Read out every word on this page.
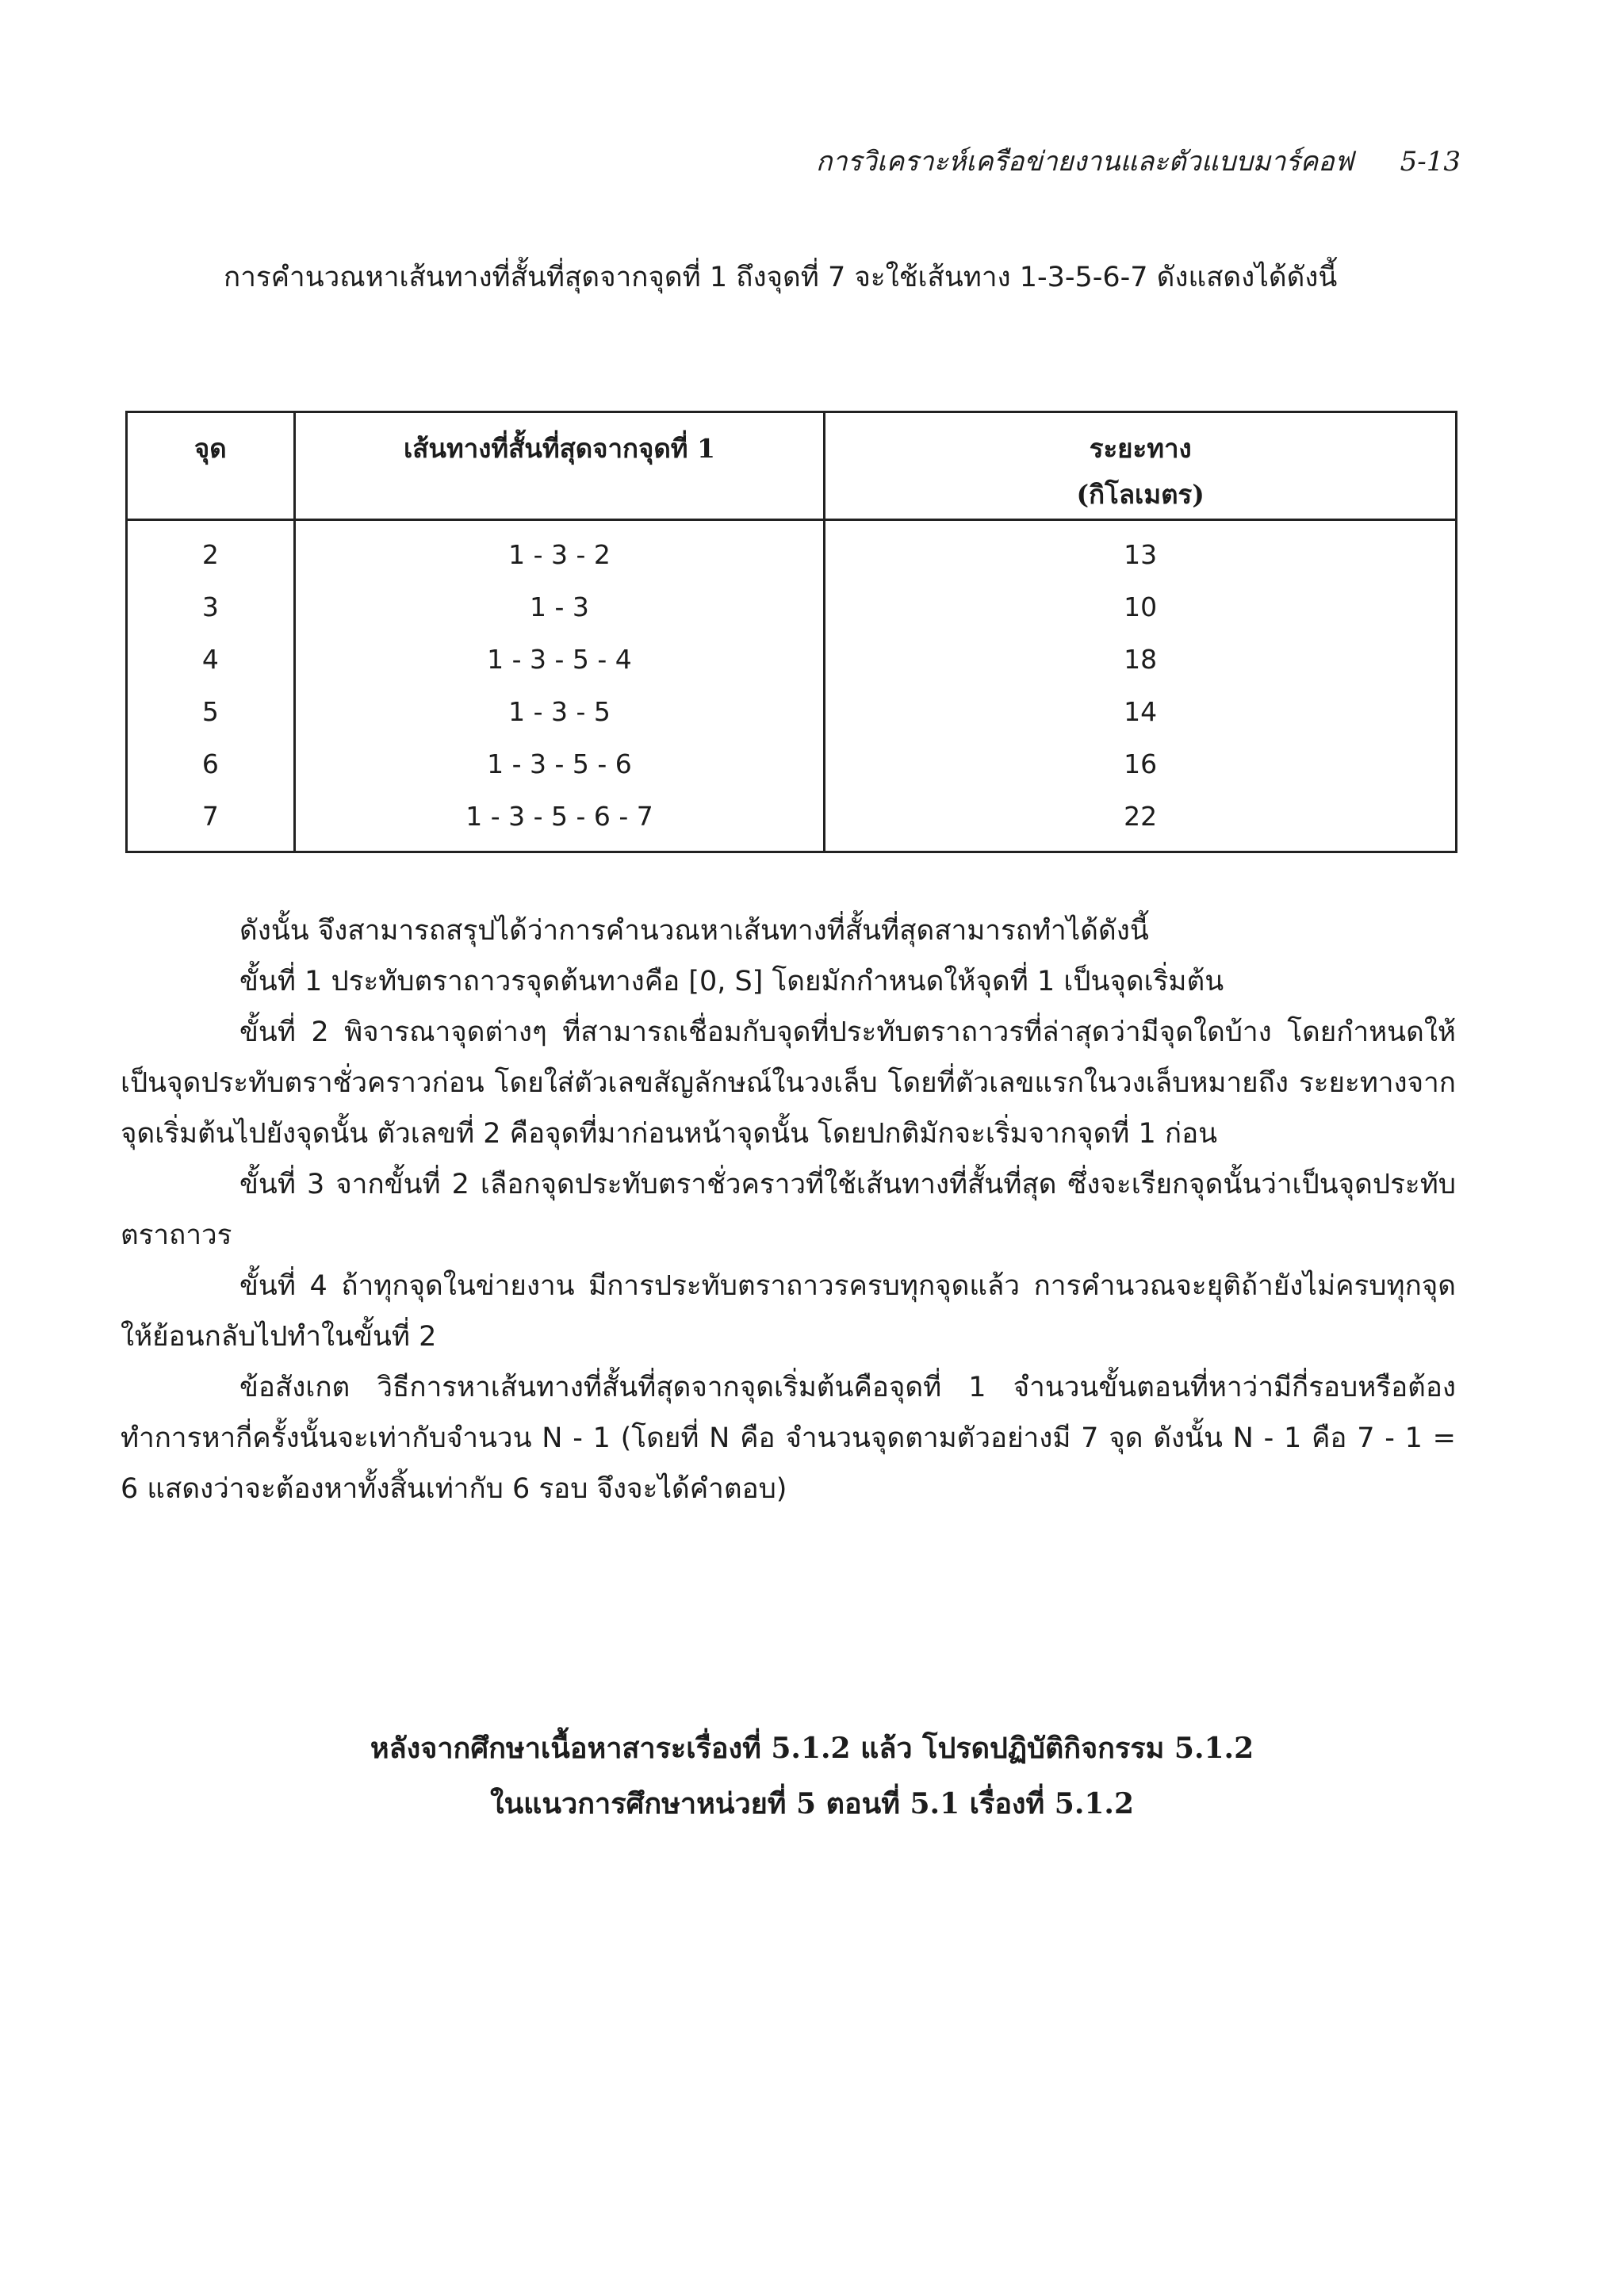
การวิเคราะห์เครือข่ายงานและตัวแบบมาร์คอฟ 5-13

การคำนวณหาเส้นทางที่สั้นที่สุดจากจุดที่ 1 ถึงจุดที่ 7 จะใช้เส้นทาง 1-3-5-6-7 ดังแสดงได้ดังนี้

จุด	เส้นทางที่สั้นที่สุดจากจุดที่ 1	ระยะทาง
(กิโลเมตร)
2	1 - 3 - 2	13
3	1 - 3	10
4	1 - 3 - 5 - 4	18
5	1 - 3 - 5	14
6	1 - 3 - 5 - 6	16
7	1 - 3 - 5 - 6 - 7	22

ดังนั้น จึงสามารถสรุปได้ว่าการคำนวณหาเส้นทางที่สั้นที่สุดสามารถทำได้ดังนี้

ขั้นที่ 1 ประทับตราถาวรจุดต้นทางคือ [0, S] โดยมักกำหนดให้จุดที่ 1 เป็นจุดเริ่มต้น

ขั้นที่ 2 พิจารณาจุดต่างๆ ที่สามารถเชื่อมกับจุดที่ประทับตราถาวรที่ล่าสุดว่ามีจุดใดบ้าง โดยกำหนดให้เป็นจุดประทับตราชั่วคราวก่อน โดยใส่ตัวเลขสัญลักษณ์ในวงเล็บ โดยที่ตัวเลขแรกในวงเล็บหมายถึง ระยะทางจากจุดเริ่มต้นไปยังจุดนั้น ตัวเลขที่ 2 คือจุดที่มาก่อนหน้าจุดนั้น โดยปกติมักจะเริ่มจากจุดที่ 1 ก่อน

ขั้นที่ 3 จากขั้นที่ 2 เลือกจุดประทับตราชั่วคราวที่ใช้เส้นทางที่สั้นที่สุด ซึ่งจะเรียกจุดนั้นว่าเป็นจุดประทับตราถาวร

ขั้นที่ 4 ถ้าทุกจุดในข่ายงาน มีการประทับตราถาวรครบทุกจุดแล้ว การคำนวณจะยุติถ้ายังไม่ครบทุกจุดให้ย้อนกลับไปทำในขั้นที่ 2

ข้อสังเกต วิธีการหาเส้นทางที่สั้นที่สุดจากจุดเริ่มต้นคือจุดที่ 1 จำนวนขั้นตอนที่หาว่ามีกี่รอบหรือต้องทำการหากี่ครั้งนั้นจะเท่ากับจำนวน N - 1 (โดยที่ N คือ จำนวนจุดตามตัวอย่างมี 7 จุด ดังนั้น N - 1 คือ 7 - 1 = 6 แสดงว่าจะต้องหาทั้งสิ้นเท่ากับ 6 รอบ จึงจะได้คำตอบ)

หลังจากศึกษาเนื้อหาสาระเรื่องที่ 5.1.2 แล้ว โปรดปฏิบัติกิจกรรม 5.1.2
ในแนวการศึกษาหน่วยที่ 5 ตอนที่ 5.1 เรื่องที่ 5.1.2
